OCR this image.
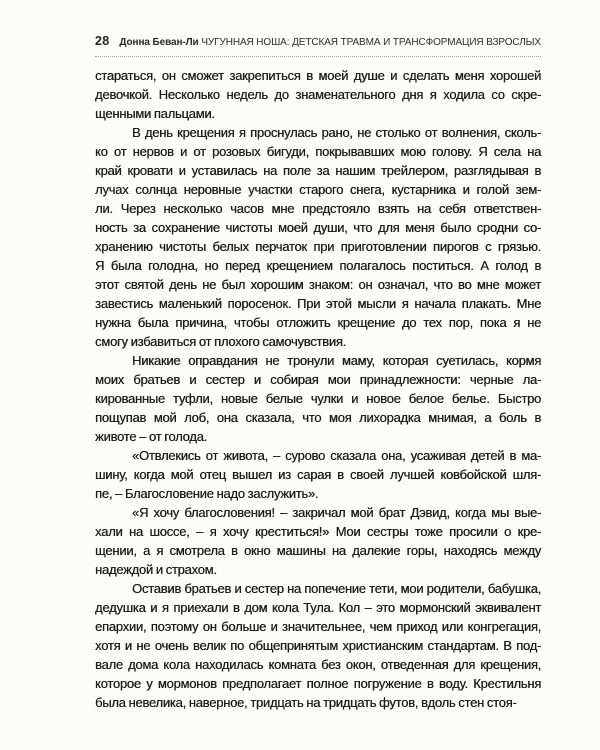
28 Донна Беван-Ли ЧУГУННАЯ НОША: ДЕТСКАЯ ТРАВМА И ТРАНСФОРМАЦИЯ ВЗРОСЛЫХ
стараться, он сможет закрепиться в моей душе и сделать меня хорошей
девочкой. Несколько недель до знаменательного дня я ходила со скре-
щенными пальцами.
В день крещения я проснулась рано, не столько от волнения, сколь-
ко от нервов и от розовых бигуди, покрывавших мою голову. Я села на
край кровати и уставилась на поле за нашим трейлером, разглядывая в
лучах солнца неровные участки старого снега, кустарника и голой зем-
ли. Через несколько часов мне предстояло взять на себя ответствен-
ность за сохранение чистоты моей души, что для меня было сродни со-
хранению чистоты белых перчаток при приготовлении пирогов с грязью.
Я была голодна, но перед крещением полагалось поститься. А голод в
этот святой день не был хорошим знаком: он означал, что во мне может
завестись маленький поросенок. При этой мысли я начала плакать. Мне
нужна была причина, чтобы отложить крещение до тех пор, пока я не
смогу избавиться от плохого самочувствия.
Никакие оправдания не тронули маму, которая суетилась, кормя
моих братьев и сестер и собирая мои принадлежности: черные ла-
кированные туфли, новые белые чулки и новое белое белье. Быстро
пощупав мой лоб, она сказала, что моя лихорадка мнимая, а боль в
животе – от голода.
«Отвлекись от живота, – сурово сказала она, усаживая детей в ма-
шину, когда мой отец вышел из сарая в своей лучшей ковбойской шля-
пе, – Благословение надо заслужить».
«Я хочу благословения! – закричал мой брат Дэвид, когда мы вые-
хали на шоссе, – я хочу креститься!» Мои сестры тоже просили о кре-
щении, а я смотрела в окно машины на далекие горы, находясь между
надеждой и страхом.
Оставив братьев и сестер на попечение тети, мои родители, бабушка,
дедушка и я приехали в дом кола Тула. Кол – это мормонский эквивалент
епархии, поэтому он больше и значительнее, чем приход или конгрегация,
хотя и не очень велик по общепринятым христианским стандартам. В под-
вале дома кола находилась комната без окон, отведенная для крещения,
которое у мормонов предполагает полное погружение в воду. Крестильня
была невелика, наверное, тридцать на тридцать футов, вдоль стен стоя-
